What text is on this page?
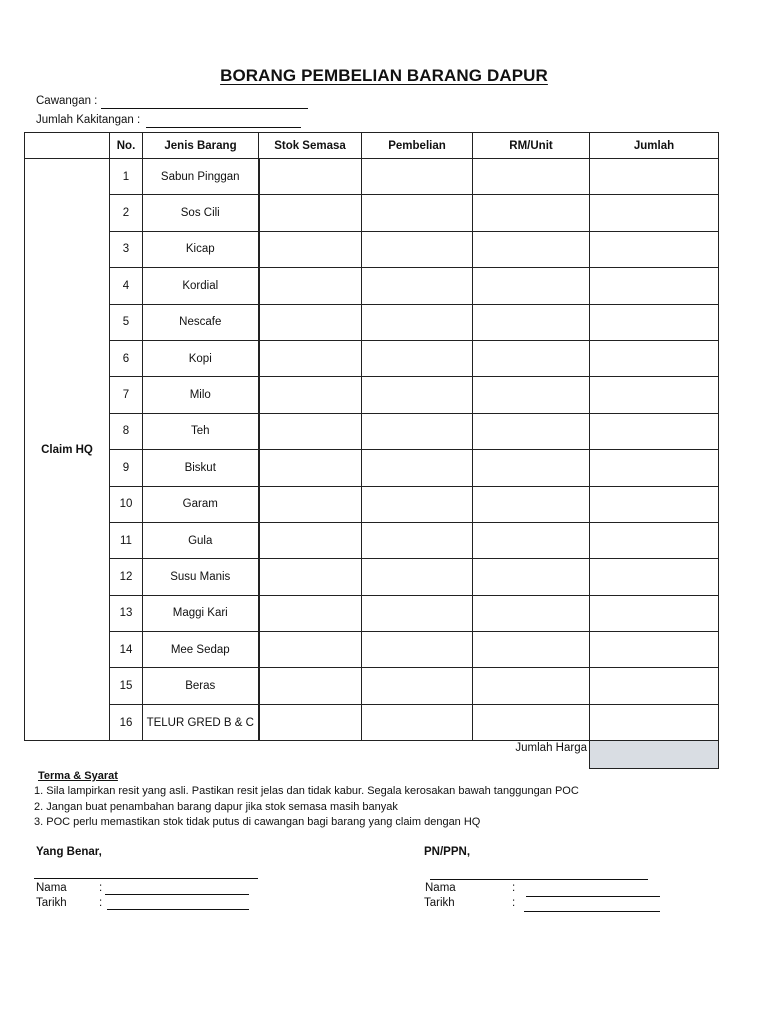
BORANG PEMBELIAN BARANG DAPUR
Cawangan :
Jumlah Kakitangan :
	No.	Jenis Barang	Stok Semasa	Pembelian	RM/Unit	Jumlah
Claim HQ	1	Sabun Pinggan				
	2	Sos Cili				
	3	Kicap				
	4	Kordial				
	5	Nescafe				
	6	Kopi				
	7	Milo				
	8	Teh				
	9	Biskut				
	10	Garam				
	11	Gula				
	12	Susu Manis				
	13	Maggi Kari				
	14	Mee Sedap				
	15	Beras				
	16	TELUR GRED B & C				
					Jumlah Harga	
Terma & Syarat
1. Sila lampirkan resit yang asli. Pastikan resit jelas dan tidak kabur. Segala kerosakan bawah tanggungan POC
2. Jangan buat penambahan barang dapur jika stok semasa masih banyak
3. POC perlu memastikan stok tidak putus di cawangan bagi barang yang claim dengan HQ
Yang Benar,
Nama	:
Tarikh	:
PN/PPN,
Nama	:
Tarikh	:
